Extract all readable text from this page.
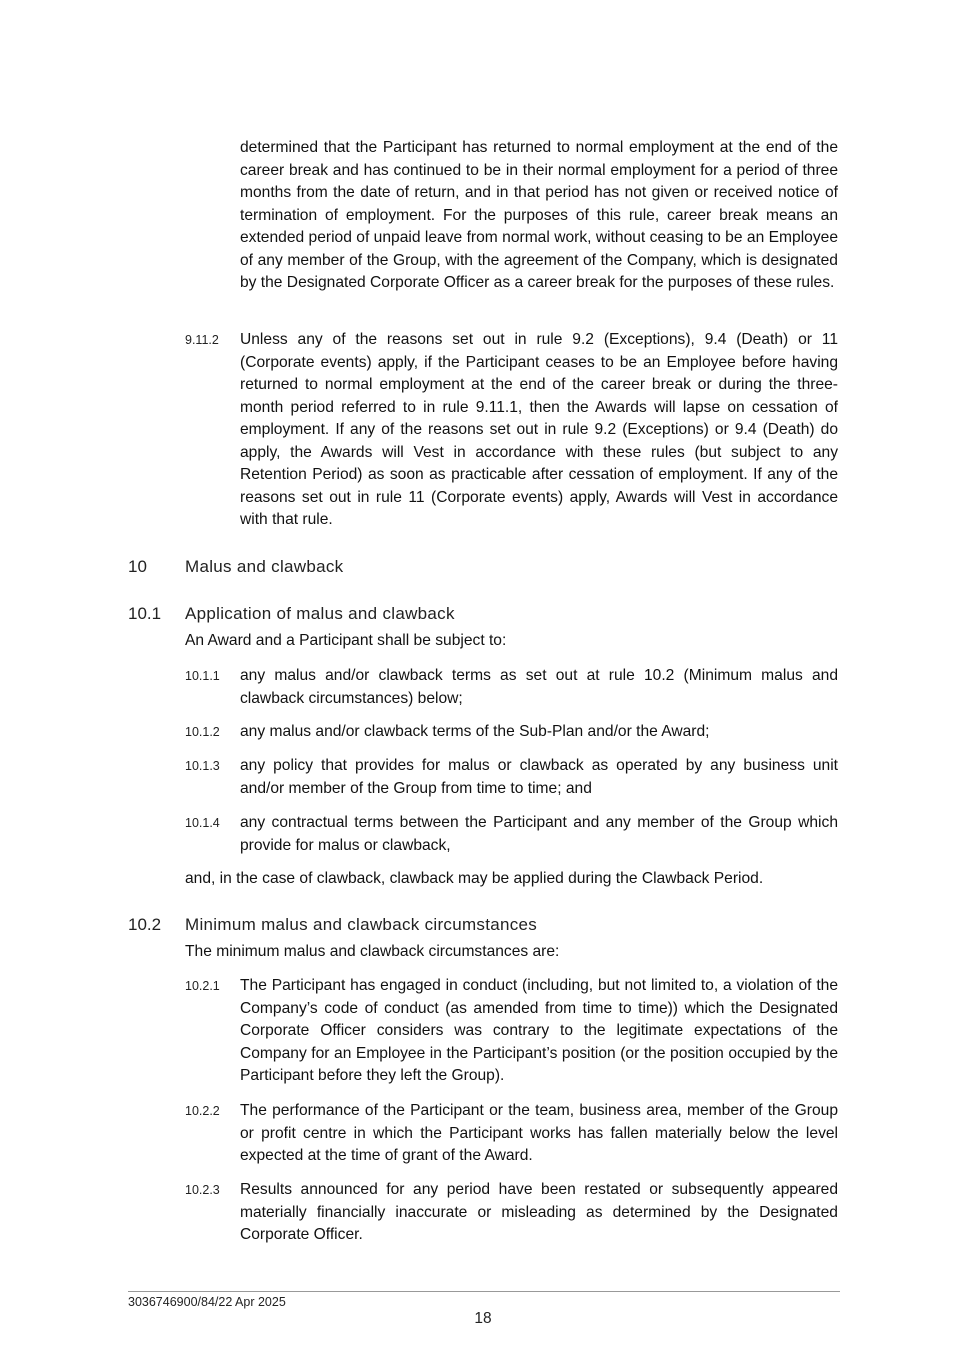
determined that the Participant has returned to normal employment at the end of the career break and has continued to be in their normal employment for a period of three months from the date of return, and in that period has not given or received notice of termination of employment. For the purposes of this rule, career break means an extended period of unpaid leave from normal work, without ceasing to be an Employee of any member of the Group, with the agreement of the Company, which is designated by the Designated Corporate Officer as a career break for the purposes of these rules.
9.11.2 Unless any of the reasons set out in rule 9.2 (Exceptions), 9.4 (Death) or 11 (Corporate events) apply, if the Participant ceases to be an Employee before having returned to normal employment at the end of the career break or during the three-month period referred to in rule 9.11.1, then the Awards will lapse on cessation of employment. If any of the reasons set out in rule 9.2 (Exceptions) or 9.4 (Death) do apply, the Awards will Vest in accordance with these rules (but subject to any Retention Period) as soon as practicable after cessation of employment. If any of the reasons set out in rule 11 (Corporate events) apply, Awards will Vest in accordance with that rule.
10 Malus and clawback
10.1 Application of malus and clawback
An Award and a Participant shall be subject to:
10.1.1 any malus and/or clawback terms as set out at rule 10.2 (Minimum malus and clawback circumstances) below;
10.1.2 any malus and/or clawback terms of the Sub-Plan and/or the Award;
10.1.3 any policy that provides for malus or clawback as operated by any business unit and/or member of the Group from time to time; and
10.1.4 any contractual terms between the Participant and any member of the Group which provide for malus or clawback,
and, in the case of clawback, clawback may be applied during the Clawback Period.
10.2 Minimum malus and clawback circumstances
The minimum malus and clawback circumstances are:
10.2.1 The Participant has engaged in conduct (including, but not limited to, a violation of the Company’s code of conduct (as amended from time to time)) which the Designated Corporate Officer considers was contrary to the legitimate expectations of the Company for an Employee in the Participant’s position (or the position occupied by the Participant before they left the Group).
10.2.2 The performance of the Participant or the team, business area, member of the Group or profit centre in which the Participant works has fallen materially below the level expected at the time of grant of the Award.
10.2.3 Results announced for any period have been restated or subsequently appeared materially financially inaccurate or misleading as determined by the Designated Corporate Officer.
3036746900/84/22 Apr 2025
18
